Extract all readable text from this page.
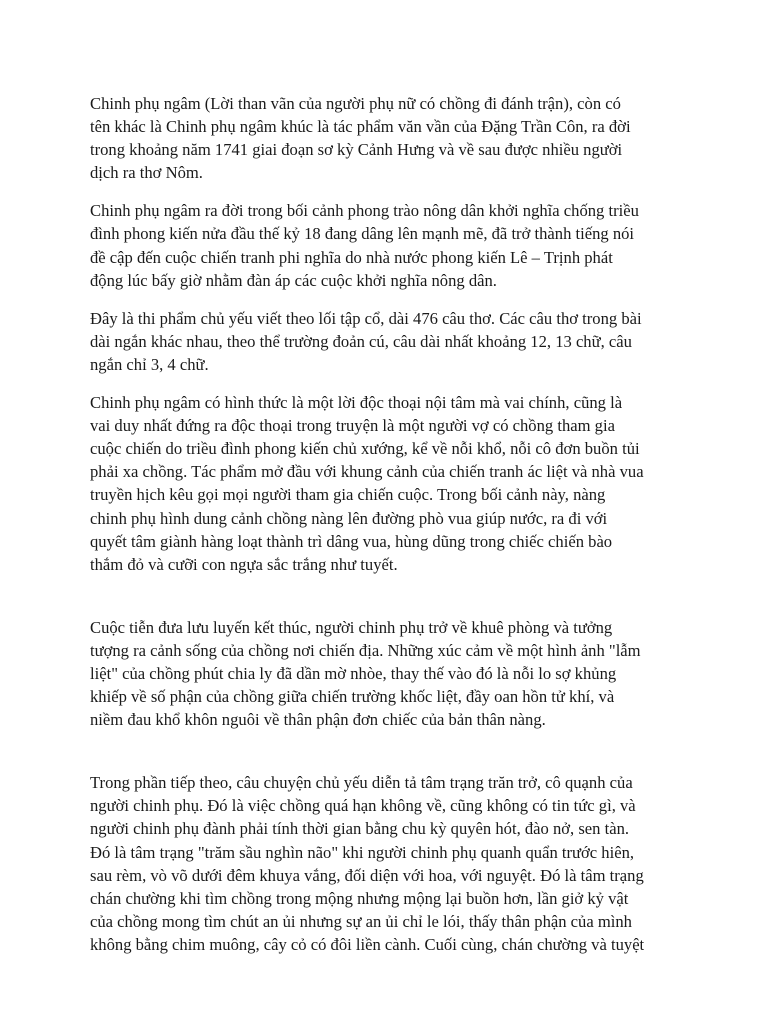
Chinh phụ ngâm (Lời than vãn của người phụ nữ có chồng đi đánh trận), còn có
tên khác là Chinh phụ ngâm khúc là tác phẩm văn vần của Đặng Trần Côn, ra đời
trong khoảng năm 1741 giai đoạn sơ kỳ Cảnh Hưng và về sau được nhiều người
dịch ra thơ Nôm.

Chinh phụ ngâm ra đời trong bối cảnh phong trào nông dân khởi nghĩa chống triều
đình phong kiến nửa đầu thế kỷ 18 đang dâng lên mạnh mẽ, đã trở thành tiếng nói
đề cập đến cuộc chiến tranh phi nghĩa do nhà nước phong kiến Lê – Trịnh phát
động lúc bấy giờ nhằm đàn áp các cuộc khởi nghĩa nông dân.

Đây là thi phẩm chủ yếu viết theo lối tập cổ, dài 476 câu thơ. Các câu thơ trong bài
dài ngắn khác nhau, theo thể trường đoản cú, câu dài nhất khoảng 12, 13 chữ, câu
ngắn chỉ 3, 4 chữ.

Chinh phụ ngâm có hình thức là một lời độc thoại nội tâm mà vai chính, cũng là
vai duy nhất đứng ra độc thoại trong truyện là một người vợ có chồng tham gia
cuộc chiến do triều đình phong kiến chủ xướng, kể về nỗi khổ, nỗi cô đơn buồn tủi
phải xa chồng. Tác phẩm mở đầu với khung cảnh của chiến tranh ác liệt và nhà vua
truyền hịch kêu gọi mọi người tham gia chiến cuộc. Trong bối cảnh này, nàng
chinh phụ hình dung cảnh chồng nàng lên đường phò vua giúp nước, ra đi với
quyết tâm giành hàng loạt thành trì dâng vua, hùng dũng trong chiếc chiến bào
thắm đỏ và cưỡi con ngựa sắc trắng như tuyết.

Cuộc tiễn đưa lưu luyến kết thúc, người chinh phụ trở về khuê phòng và tưởng
tượng ra cảnh sống của chồng nơi chiến địa. Những xúc cảm về một hình ảnh "lẫm
liệt" của chồng phút chia ly đã dần mờ nhòe, thay thế vào đó là nỗi lo sợ khủng
khiếp về số phận của chồng giữa chiến trường khốc liệt, đầy oan hồn tử khí, và
niềm đau khổ khôn nguôi về thân phận đơn chiếc của bản thân nàng.

Trong phần tiếp theo, câu chuyện chủ yếu diễn tả tâm trạng trăn trở, cô quạnh của
người chinh phụ. Đó là việc chồng quá hạn không về, cũng không có tin tức gì, và
người chinh phụ đành phải tính thời gian bằng chu kỳ quyên hót, đào nở, sen tàn.
Đó là tâm trạng "trăm sầu nghìn não" khi người chinh phụ quanh quẩn trước hiên,
sau rèm, vò võ dưới đêm khuya vắng, đối diện với hoa, với nguyệt. Đó là tâm trạng
chán chường khi tìm chồng trong mộng nhưng mộng lại buồn hơn, lần giở kỷ vật
của chồng mong tìm chút an ủi nhưng sự an ủi chỉ le lói, thấy thân phận của mình
không bằng chim muông, cây cỏ có đôi liền cành. Cuối cùng, chán chường và tuyệt
